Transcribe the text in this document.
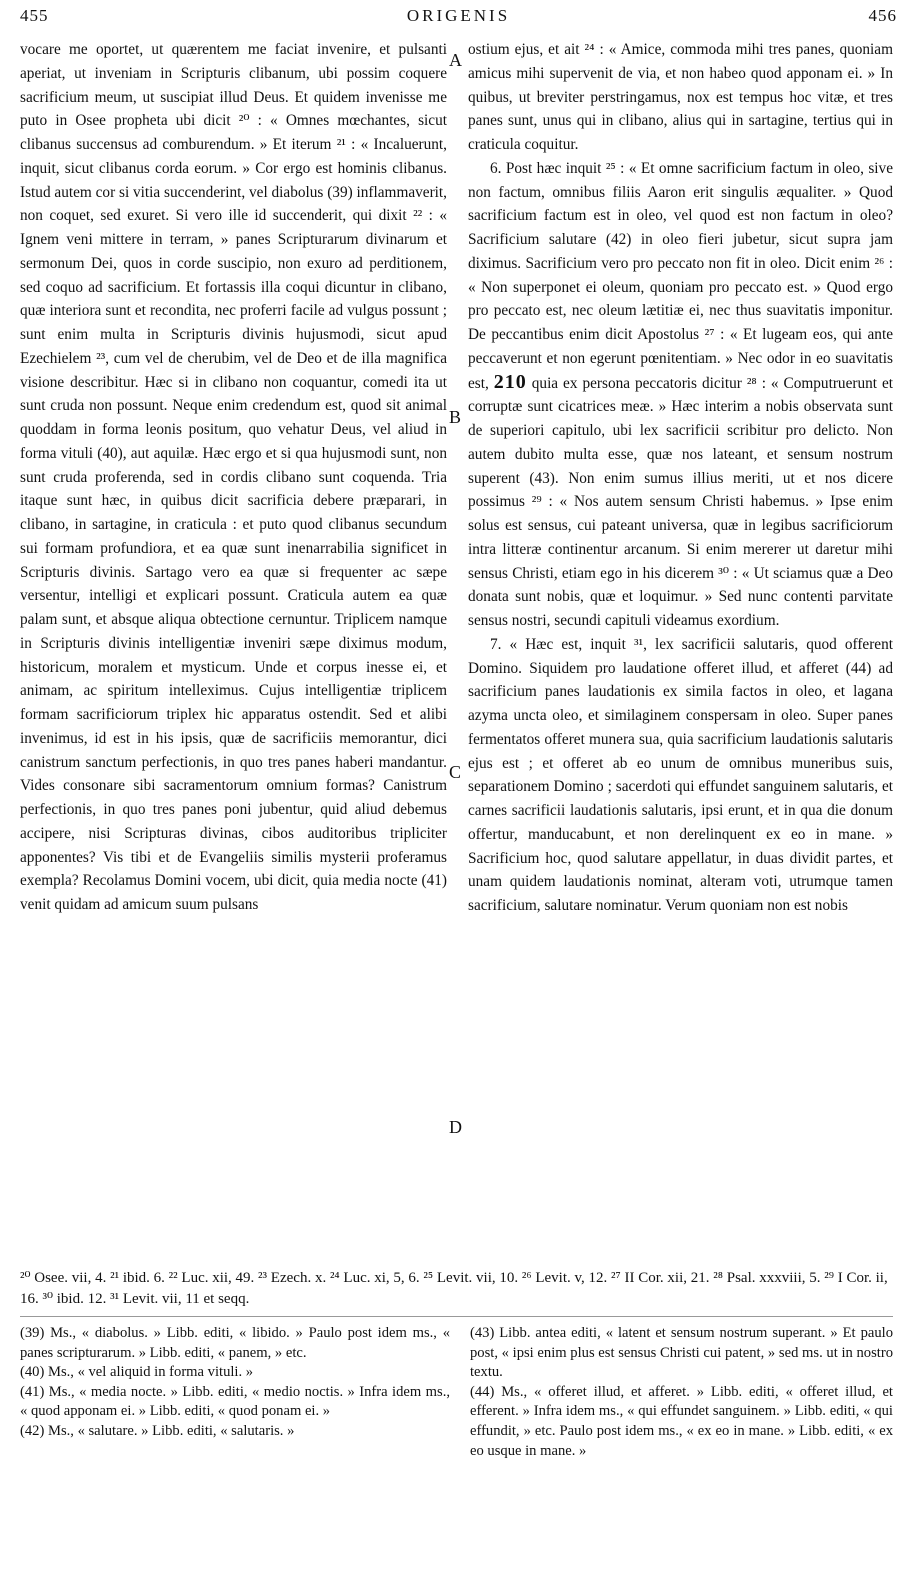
455	ORIGENIS	456

vocare me oportet, ut quærentem me faciat invenire, et pulsanti aperiat, ut inveniam in Scripturis clibanum, ubi possim coquere sacrificium meum, ut suscipiat illud Deus. Et quidem invenisse me puto in Osee propheta ubi dicit ²⁰ : « Omnes mœchantes, sicut clibanus succensus ad comburendum. » Et iterum ²¹ : « Incaluerunt, inquit, sicut clibanus corda eorum. » Cor ergo est hominis clibanus. Istud autem cor si vitia succenderint, vel diabolus (39) inflammaverit, non coquet, sed exuret. Si vero ille id succenderit, qui dixit ²² : « Ignem veni mittere in terram, » panes Scripturarum divinarum et sermonum Dei, quos in corde suscipio, non exuro ad perditionem, sed coquo ad sacrificium. Et fortassis illa coqui dicuntur in clibano, quæ interiora sunt et recondita, nec proferri facile ad vulgus possunt ; sunt enim multa in Scripturis divinis hujusmodi, sicut apud Ezechielem ²³, cum vel de cherubim, vel de Deo et de illa magnifica visione describitur. Hæc si in clibano non coquantur, comedi ita ut sunt cruda non possunt. Neque enim credendum est, quod sit animal quoddam in forma leonis positum, quo vehatur Deus, vel aliud in forma vituli (40), aut aquilæ. Hæc ergo et si qua hujusmodi sunt, non sunt cruda proferenda, sed in cordis clibano sunt coquenda. Tria itaque sunt hæc, in quibus dicit sacrificia debere præparari, in clibano, in sartagine, in craticula : et puto quod clibanus secundum sui formam profundiora, et ea quæ sunt inenarrabilia significet in Scripturis divinis. Sartago vero ea quæ si frequenter ac sæpe versentur, intelligi et explicari possunt. Craticula autem ea quæ palam sunt, et absque aliqua obtectione cernuntur. Triplicem namque in Scripturis divinis intelligentiæ inveniri sæpe diximus modum, historicum, moralem et mysticum. Unde et corpus inesse ei, et animam, ac spiritum intelleximus. Cujus intelligentiæ triplicem formam sacrificiorum triplex hic apparatus ostendit. Sed et alibi invenimus, id est in his ipsis, quæ de sacrificiis memorantur, dici canistrum sanctum perfectionis, in quo tres panes haberi mandantur. Vides consonare sibi sacramentorum omnium formas? Canistrum perfectionis, in quo tres panes poni jubentur, quid aliud debemus accipere, nisi Scripturas divinas, cibos auditoribus tripliciter apponentes? Vis tibi et de Evangeliis similis mysterii proferamus exempla? Recolamus Domini vocem, ubi dicit, quia media nocte (41) venit quidam ad amicum suum pulsans

A
B
C
D

ostium ejus, et ait ²⁴ : « Amice, commoda mihi tres panes, quoniam amicus mihi supervenit de via, et non habeo quod apponam ei. » In quibus, ut breviter perstringamus, nox est tempus hoc vitæ, et tres panes sunt, unus qui in clibano, alius qui in sartagine, tertius qui in craticula coquitur.

6. Post hæc inquit ²⁵ : « Et omne sacrificium factum in oleo, sive non factum, omnibus filiis Aaron erit singulis æqualiter. » Quod sacrificium factum est in oleo, vel quod est non factum in oleo? Sacrificium salutare (42) in oleo fieri jubetur, sicut supra jam diximus. Sacrificium vero pro peccato non fit in oleo. Dicit enim ²⁶ : « Non superponet ei oleum, quoniam pro peccato est. » Quod ergo pro peccato est, nec oleum lætitiæ ei, nec thus suavitatis imponitur. De peccantibus enim dicit Apostolus ²⁷ : « Et lugeam eos, qui ante peccaverunt et non egerunt pœnitentiam. » Nec odor in eo suavitatis est, 210 quia ex persona peccatoris dicitur ²⁸ : « Computruerunt et corruptæ sunt cicatrices meæ. » Hæc interim a nobis observata sunt de superiori capitulo, ubi lex sacrificii scribitur pro delicto. Non autem dubito multa esse, quæ nos lateant, et sensum nostrum superent (43). Non enim sumus illius meriti, ut et nos dicere possimus ²⁹ : « Nos autem sensum Christi habemus. » Ipse enim solus est sensus, cui pateant universa, quæ in legibus sacrificiorum intra litteræ continentur arcanum. Si enim mererer ut daretur mihi sensus Christi, etiam ego in his dicerem ³⁰ : « Ut sciamus quæ a Deo donata sunt nobis, quæ et loquimur. » Sed nunc contenti parvitate sensus nostri, secundi capituli videamus exordium.

7. « Hæc est, inquit ³¹, lex sacrificii salutaris, quod offerent Domino. Siquidem pro laudatione offeret illud, et afferet (44) ad sacrificium panes laudationis ex simila factos in oleo, et lagana azyma uncta oleo, et similaginem conspersam in oleo. Super panes fermentatos offeret munera sua, quia sacrificium laudationis salutaris ejus est ; et offeret ab eo unum de omnibus muneribus suis, separationem Domino ; sacerdoti qui effundet sanguinem salutaris, et carnes sacrificii laudationis salutaris, ipsi erunt, et in qua die donum offertur, manducabunt, et non derelinquent ex eo in mane. » Sacrificium hoc, quod salutare appellatur, in duas dividit partes, et unam quidem laudationis nominat, alteram voti, utrumque tamen sacrificium, salutare nominatur. Verum quoniam non est nobis

²⁰ Osee. vii, 4. ²¹ ibid. 6. ²² Luc. xii, 49. ²³ Ezech. x. ²⁴ Luc. xi, 5, 6. ²⁵ Levit. vii, 10. ²⁶ Levit. v, 12. ²⁷ II Cor. xii, 21. ²⁸ Psal. xxxviii, 5. ²⁹ I Cor. ii, 16. ³⁰ ibid. 12. ³¹ Levit. vii, 11 et seqq.

(39) Ms., « diabolus. » Libb. editi, « libido. » Paulo post idem ms., « panes scripturarum. » Libb. editi, « panem, » etc.

(40) Ms., « vel aliquid in forma vituli. »

(41) Ms., « media nocte. » Libb. editi, « medio noctis. » Infra idem ms., « quod apponam ei. » Libb. editi, « quod ponam ei. »

(42) Ms., « salutare. » Libb. editi, « salutaris. »

(43) Libb. antea editi, « latent et sensum nostrum superant. » Et paulo post, « ipsi enim plus est sensus Christi cui patent, » sed ms. ut in nostro textu.

(44) Ms., « offeret illud, et afferet. » Libb. editi, « offeret illud, et efferent. » Infra idem ms., « qui effundet sanguinem. » Libb. editi, « qui effundit, » etc. Paulo post idem ms., « ex eo in mane. » Libb. editi, « ex eo usque in mane. »
